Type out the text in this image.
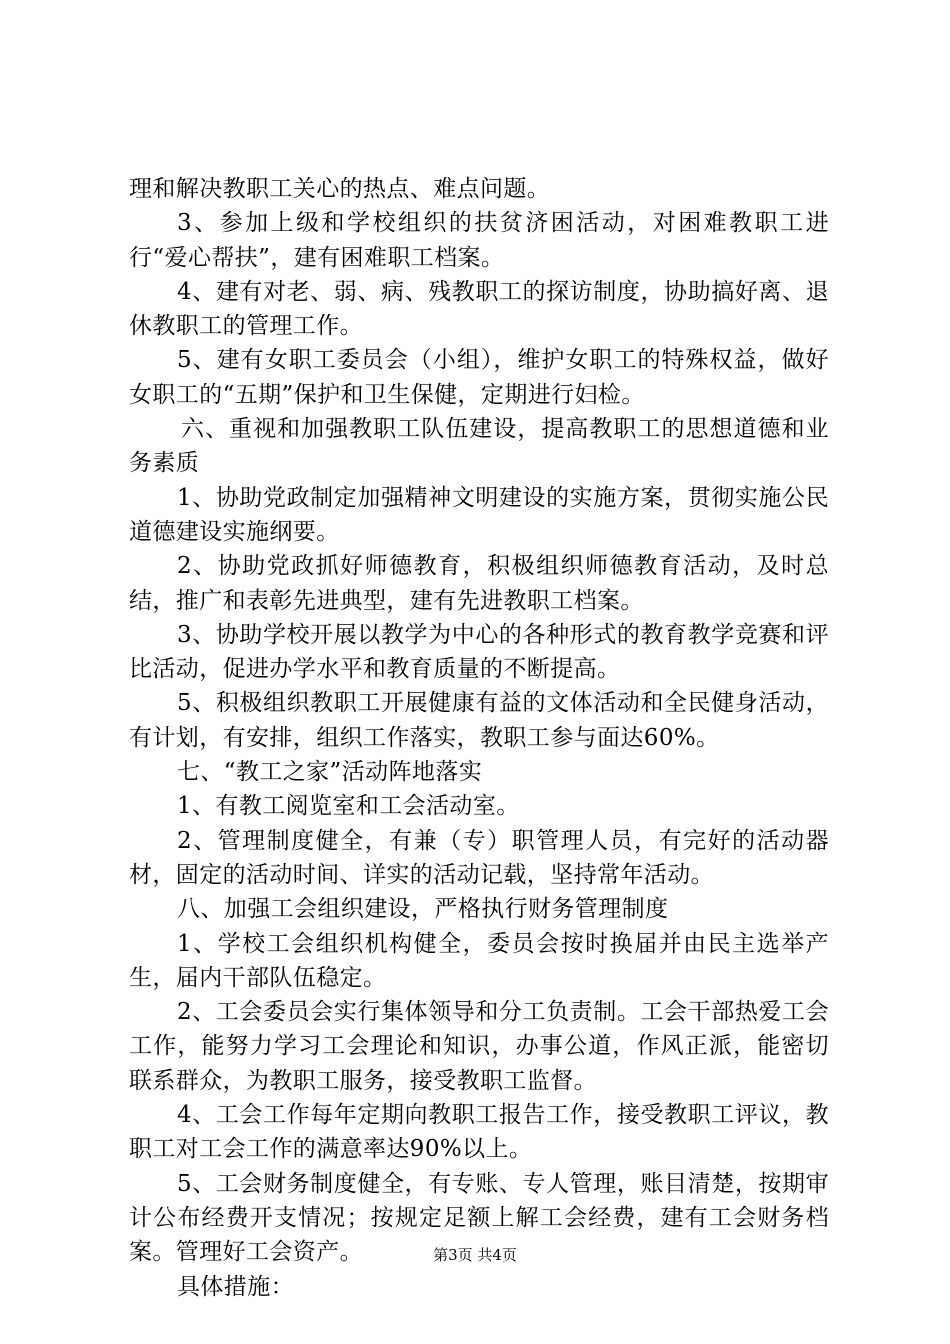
理和解决教职工关心的热点、难点问题。

3、参加上级和学校组织的扶贫济困活动，对困难教职工进行“爱心帮扶”，建有困难职工档案。

4、建有对老、弱、病、残教职工的探访制度，协助搞好离、退休教职工的管理工作。

5、建有女职工委员会（小组），维护女职工的特殊权益，做好女职工的“五期”保护和卫生保健，定期进行妇检。

六、重视和加强教职工队伍建设，提高教职工的思想道德和业务素质

1、协助党政制定加强精神文明建设的实施方案，贯彻实施公民道德建设实施纲要。

2、协助党政抓好师德教育，积极组织师德教育活动，及时总结，推广和表彰先进典型，建有先进教职工档案。

3、协助学校开展以教学为中心的各种形式的教育教学竞赛和评比活动，促进办学水平和教育质量的不断提高。

5、积极组织教职工开展健康有益的文体活动和全民健身活动，有计划，有安排，组织工作落实，教职工参与面达60%。

七、“教工之家”活动阵地落实

1、有教工阅览室和工会活动室。

2、管理制度健全，有兼（专）职管理人员，有完好的活动器材，固定的活动时间、详实的活动记载，坚持常年活动。

八、加强工会组织建设，严格执行财务管理制度

1、学校工会组织机构健全，委员会按时换届并由民主选举产生，届内干部队伍稳定。

2、工会委员会实行集体领导和分工负责制。工会干部热爱工会工作，能努力学习工会理论和知识，办事公道，作风正派，能密切联系群众，为教职工服务，接受教职工监督。

4、工会工作每年定期向教职工报告工作，接受教职工评议，教职工对工会工作的满意率达90%以上。

5、工会财务制度健全，有专账、专人管理，账目清楚，按期审计公布经费开支情况；按规定足额上解工会经费，建有工会财务档案。管理好工会资产。

具体措施：

第3页 共4页
